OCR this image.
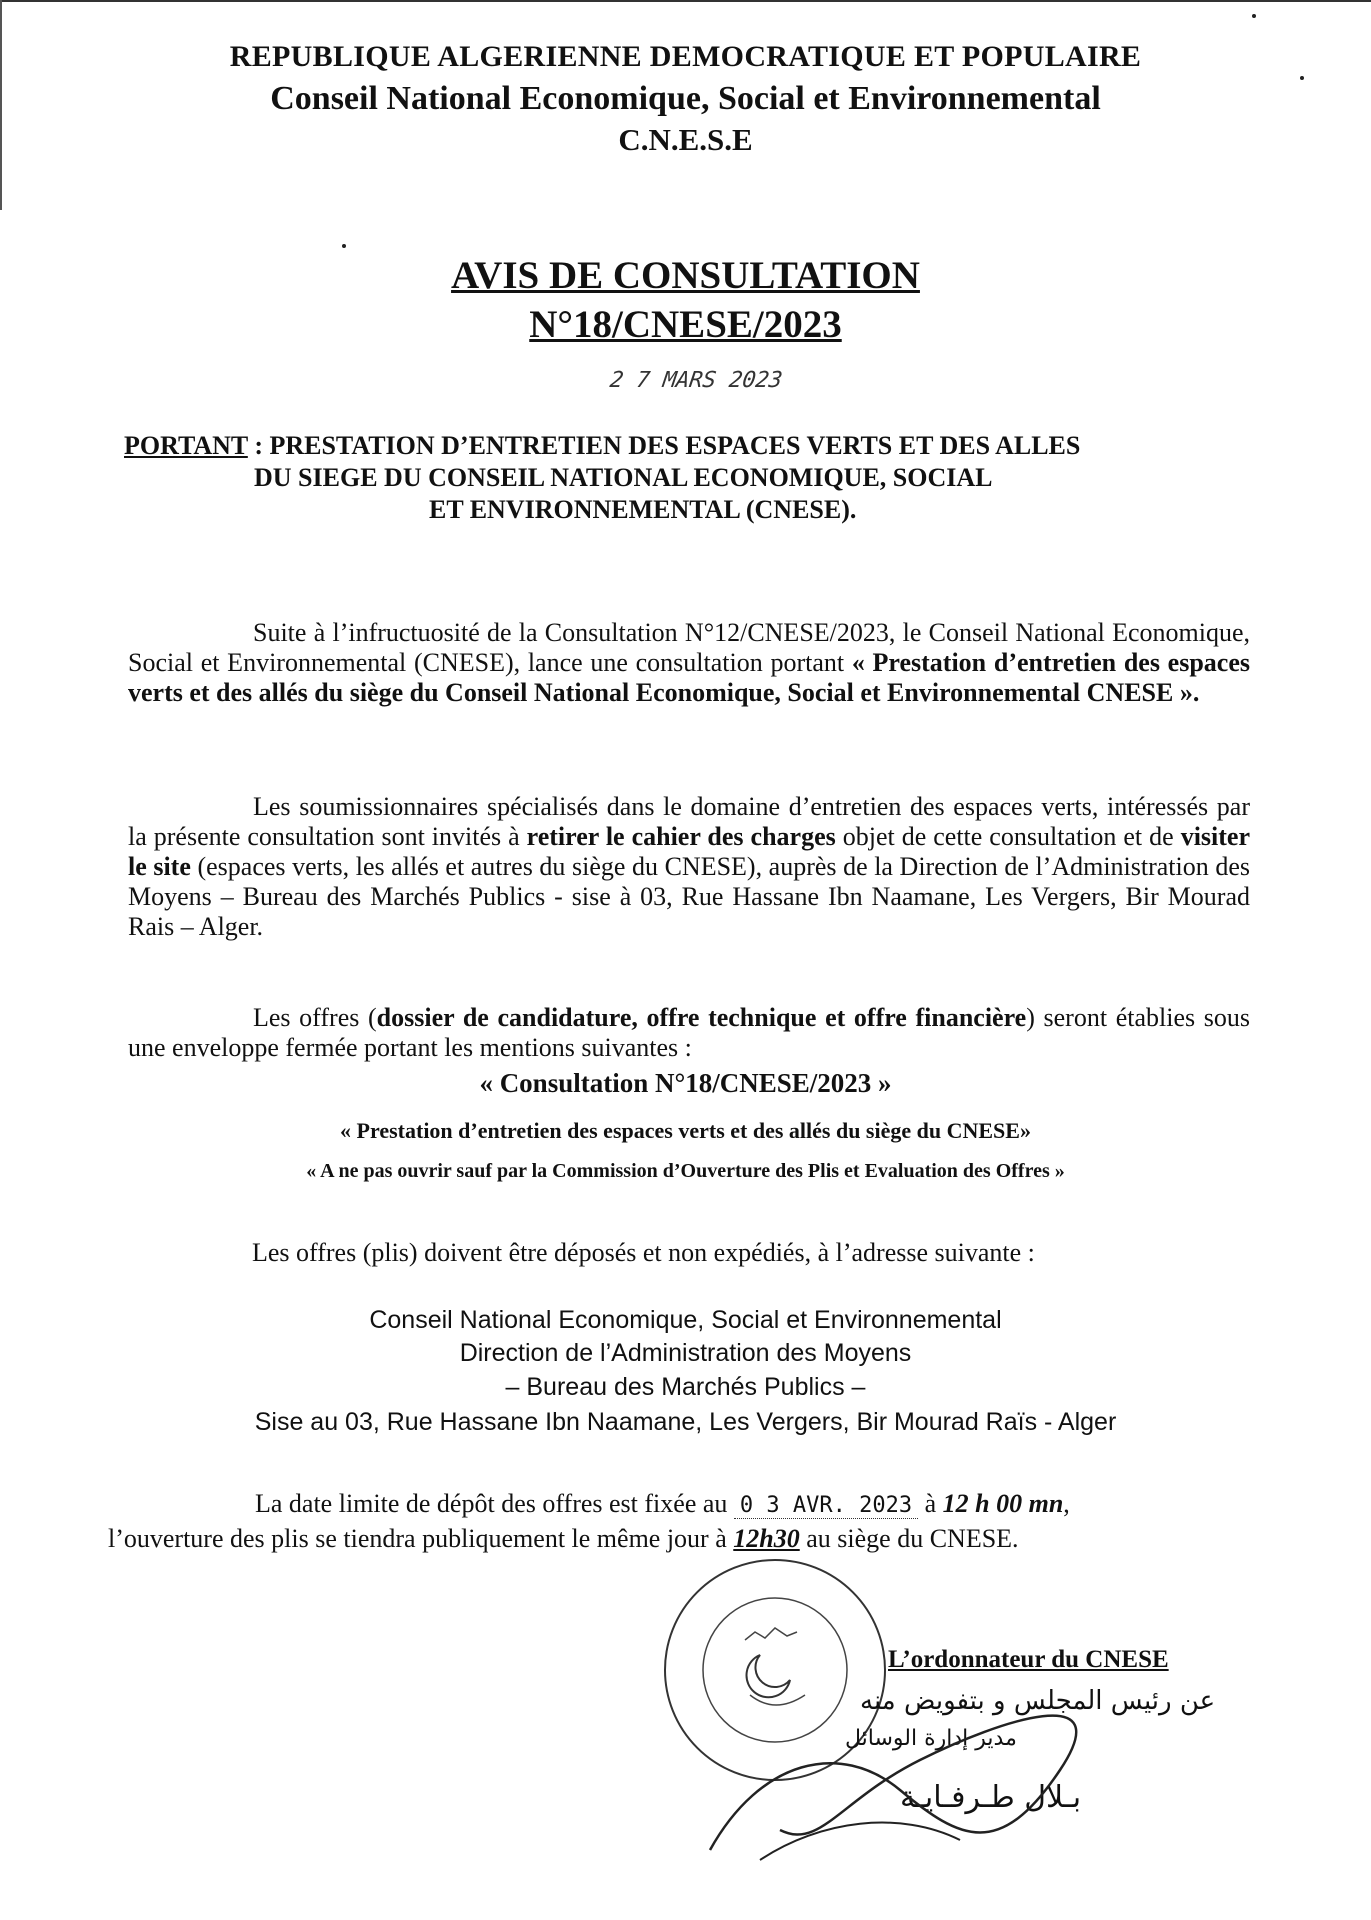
REPUBLIQUE ALGERIENNE DEMOCRATIQUE ET POPULAIRE
Conseil National Economique, Social et Environnemental
C.N.E.S.E
AVIS DE CONSULTATION
N°18/CNESE/2023
2 7 MARS 2023
PORTANT : PRESTATION D’ENTRETIEN DES ESPACES VERTS ET DES ALLES
DU SIEGE DU CONSEIL NATIONAL ECONOMIQUE, SOCIAL
ET ENVIRONNEMENTAL (CNESE).
Suite à l’infructuosité de la Consultation N°12/CNESE/2023, le Conseil National Economique, Social et Environnemental (CNESE), lance une consultation portant « Prestation d’entretien des espaces verts et des allés du siège du Conseil National Economique, Social et Environnemental CNESE ».
Les soumissionnaires spécialisés dans le domaine d’entretien des espaces verts, intéressés par la présente consultation sont invités à retirer le cahier des charges objet de cette consultation et de visiter le site (espaces verts, les allés et autres du siège du CNESE), auprès de la Direction de l’Administration des Moyens – Bureau des Marchés Publics - sise à 03, Rue Hassane Ibn Naamane, Les Vergers, Bir Mourad Rais – Alger.
Les offres (dossier de candidature, offre technique et offre financière) seront établies sous une enveloppe fermée portant les mentions suivantes :
« Consultation N°18/CNESE/2023 »
« Prestation d’entretien des espaces verts et des allés du siège du CNESE»
« A ne pas ouvrir sauf par la Commission d’Ouverture des Plis et Evaluation des Offres »
Les offres (plis) doivent être déposés et non expédiés, à l’adresse suivante :
Conseil National Economique, Social et Environnemental
Direction de l’Administration des Moyens
– Bureau des Marchés Publics –
Sise au 03, Rue Hassane Ibn Naamane, Les Vergers, Bir Mourad Raïs - Alger
La date limite de dépôt des offres est fixée au 0 3 AVR. 2023 à 12 h 00 mn,
l’ouverture des plis se tiendra publiquement le même jour à 12h30 au siège du CNESE.
L’ordonnateur du CNESE
عن رئيس المجلس و بتفويض منه
مدير إدارة الوسائل
بـلال طـرفـايـة
